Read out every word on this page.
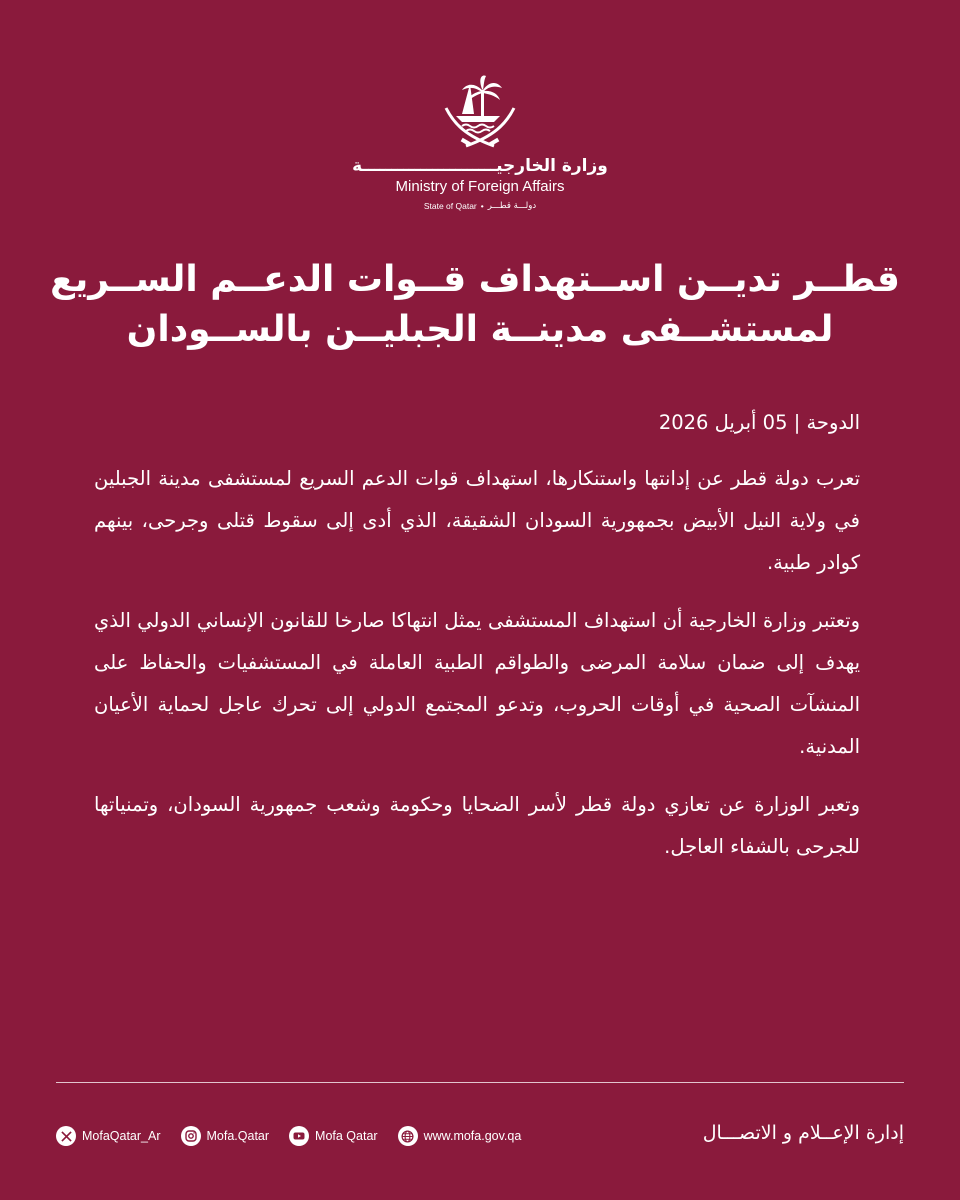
وزارة الخارجيـــــــــــــــــــــــة
Ministry of Foreign Affairs
State of Qatar • دولـــة قطـــر
قطــر تديــن اســتهداف قــوات الدعــم الســريع
لمستشــفى مدينــة الجبليــن بالســودان
الدوحة | 05 أبريل 2026

تعرب دولة قطر عن إدانتها واستنكارها، استهداف قوات الدعم السريع لمستشفى مدينة الجبلين في ولاية النيل الأبيض بجمهورية السودان الشقيقة، الذي أدى إلى سقوط قتلى وجرحى، بينهم كوادر طبية.

وتعتبر وزارة الخارجية أن استهداف المستشفى يمثل انتهاكا صارخا للقانون الإنساني الدولي الذي يهدف إلى ضمان سلامة المرضى والطواقم الطبية العاملة في المستشفيات والحفاظ على المنشآت الصحية في أوقات الحروب، وتدعو المجتمع الدولي إلى تحرك عاجل لحماية الأعيان المدنية.

وتعبر الوزارة عن تعازي دولة قطر لأسر الضحايا وحكومة وشعب جمهورية السودان، وتمنياتها للجرحى بالشفاء العاجل.

MofaQatar_Ar	Mofa.Qatar	Mofa Qatar	www.mofa.gov.qa	إدارة الإعــلام و الاتصـــال
